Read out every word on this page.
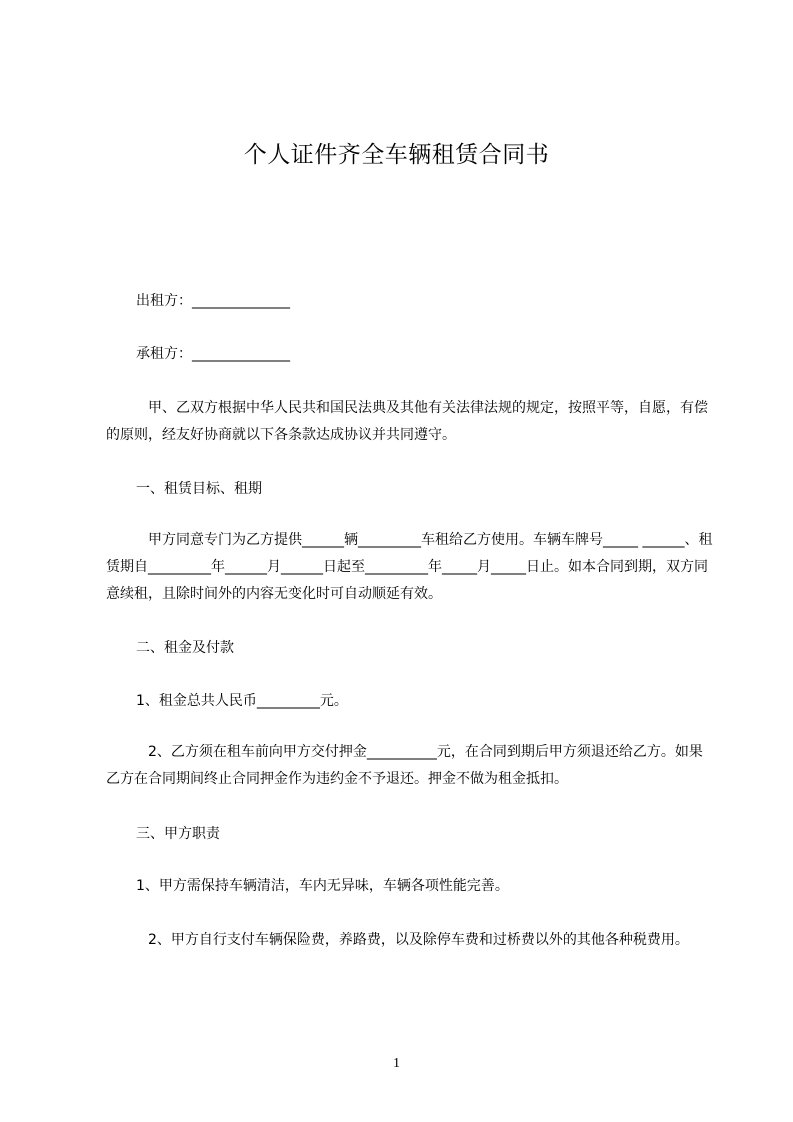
个人证件齐全车辆租赁合同书
出租方：______________
承租方：______________
　甲、乙双方根据中华人民共和国民法典及其他有关法律法规的规定，按照平等，自愿，有偿的原则，经友好协商就以下各条款达成协议并共同遵守。
一、租赁目标、租期
　甲方同意专门为乙方提供______辆_________车租给乙方使用。车辆车牌号_____ ______、租赁期自_________年______月______日起至_________年_____月_____日止。如本合同到期，双方同意续租，且除时间外的内容无变化时可自动顺延有效。
二、租金及付款
1、租金总共人民币_________元。
　2、乙方须在租车前向甲方交付押金__________元，在合同到期后甲方须退还给乙方。如果乙方在合同期间终止合同押金作为违约金不予退还。押金不做为租金抵扣。
三、甲方职责
1、甲方需保持车辆清洁，车内无异味，车辆各项性能完善。
　2、甲方自行支付车辆保险费，养路费，以及除停车费和过桥费以外的其他各种税费用。
1
